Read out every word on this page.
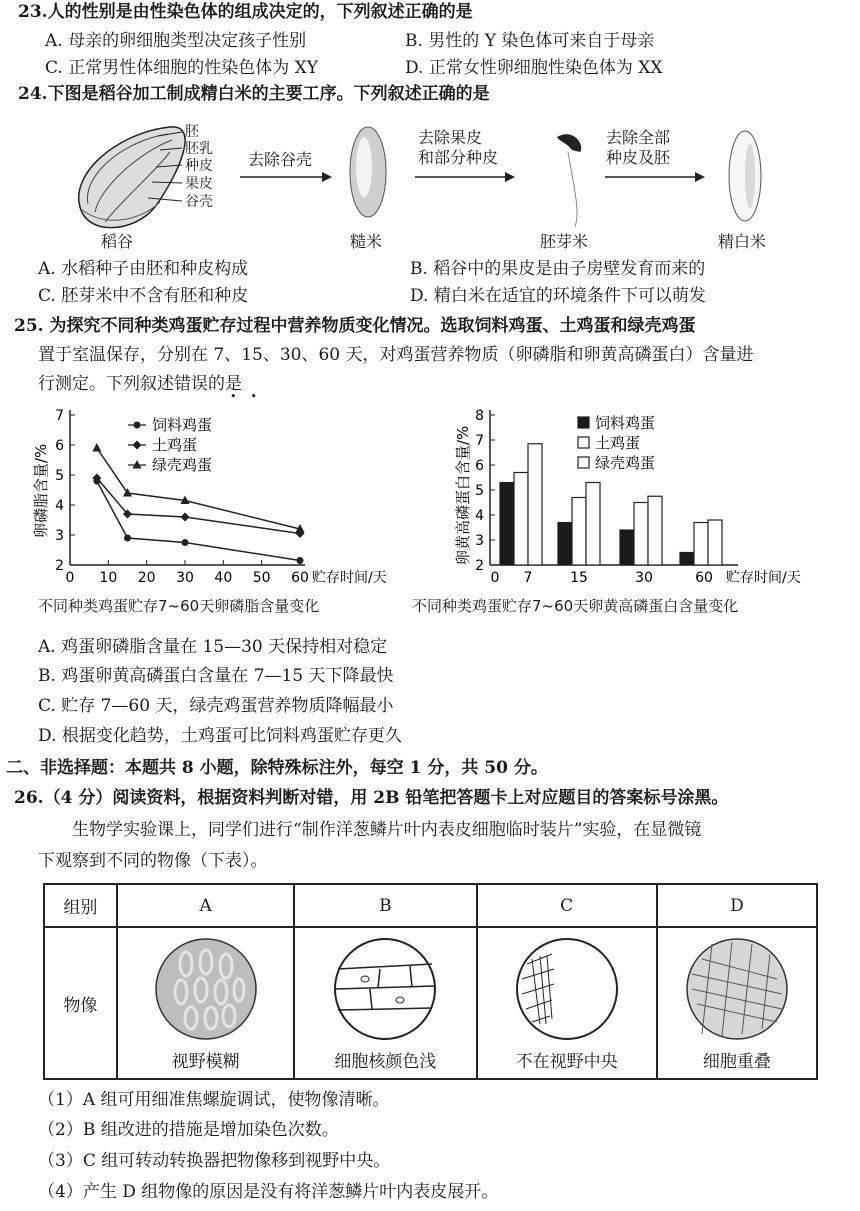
23.人的性别是由性染色体的组成决定的，下列叙述正确的是
A. 母亲的卵细胞类型决定孩子性别	B. 男性的 Y 染色体可来自于母亲
C. 正常男性体细胞的性染色体为 XY	D. 正常女性卵细胞性染色体为 XX
24.下图是稻谷加工制成精白米的主要工序。下列叙述正确的是
胚
胚乳
种皮
果皮
谷壳
去除谷壳
去除果皮
和部分种皮
去除全部
种皮及胚
稻谷	糙米	胚芽米	精白米
A. 水稻种子由胚和种皮构成	B. 稻谷中的果皮是由子房壁发育而来的
C. 胚芽米中不含有胚和种皮	D. 精白米在适宜的环境条件下可以萌发
25. 为探究不同种类鸡蛋贮存过程中营养物质变化情况。选取饲料鸡蛋、土鸡蛋和绿壳鸡蛋
置于室温保存，分别在 7、15、30、60 天，对鸡蛋营养物质（卵磷脂和卵黄高磷蛋白）含量进
行测定。下列叙述错误的是
•    •
2
3
4
5
6
7
0 10 20 30 40 50 60 贮存时间/天
卵磷脂含量/%
饲料鸡蛋
土鸡蛋
绿壳鸡蛋
2
3
4
5
6
7
8
卵黄高磷蛋白含量/%
0 7	15	30	60 贮存时间/天
饲料鸡蛋
土鸡蛋
绿壳鸡蛋
不同种类鸡蛋贮存7~60天卵磷脂含量变化	不同种类鸡蛋贮存7~60天卵黄高磷蛋白含量变化
A. 鸡蛋卵磷脂含量在 15—30 天保持相对稳定
B. 鸡蛋卵黄高磷蛋白含量在 7—15 天下降最快
C. 贮存 7—60 天，绿壳鸡蛋营养物质降幅最小
D. 根据变化趋势，土鸡蛋可比饲料鸡蛋贮存更久
二、非选择题：本题共 8 小题，除特殊标注外，每空 1 分，共 50 分。
26.（4 分）阅读资料，根据资料判断对错，用 2B 铅笔把答题卡上对应题目的答案标号涂黑。
生物学实验课上，同学们进行“制作洋葱鳞片叶内表皮细胞临时装片”实验，在显微镜
下观察到不同的物像（下表）。
组别	A	B	C	D
物像	视野模糊	细胞核颜色浅	不在视野中央	细胞重叠
（1）A 组可用细准焦螺旋调试，使物像清晰。
（2）B 组改进的措施是增加染色次数。
（3）C 组可转动转换器把物像移到视野中央。
（4）产生 D 组物像的原因是没有将洋葱鳞片叶内表皮展开。
